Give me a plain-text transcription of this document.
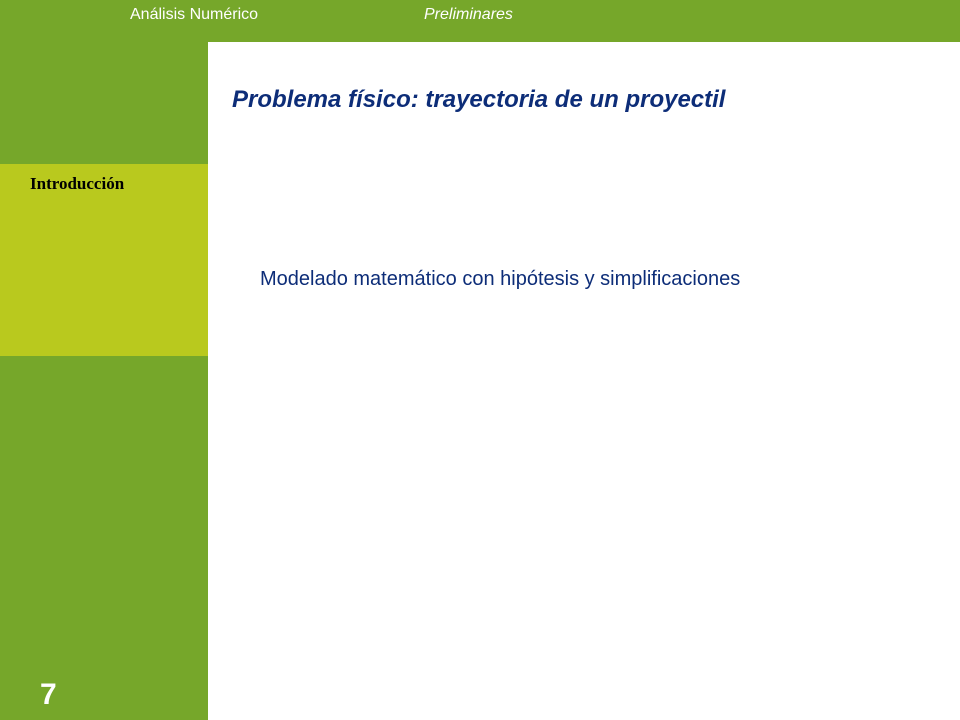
Análisis Numérico	Preliminares
Introducción
Problema físico: trayectoria de un proyectil
Modelado matemático con hipótesis y simplificaciones
7
